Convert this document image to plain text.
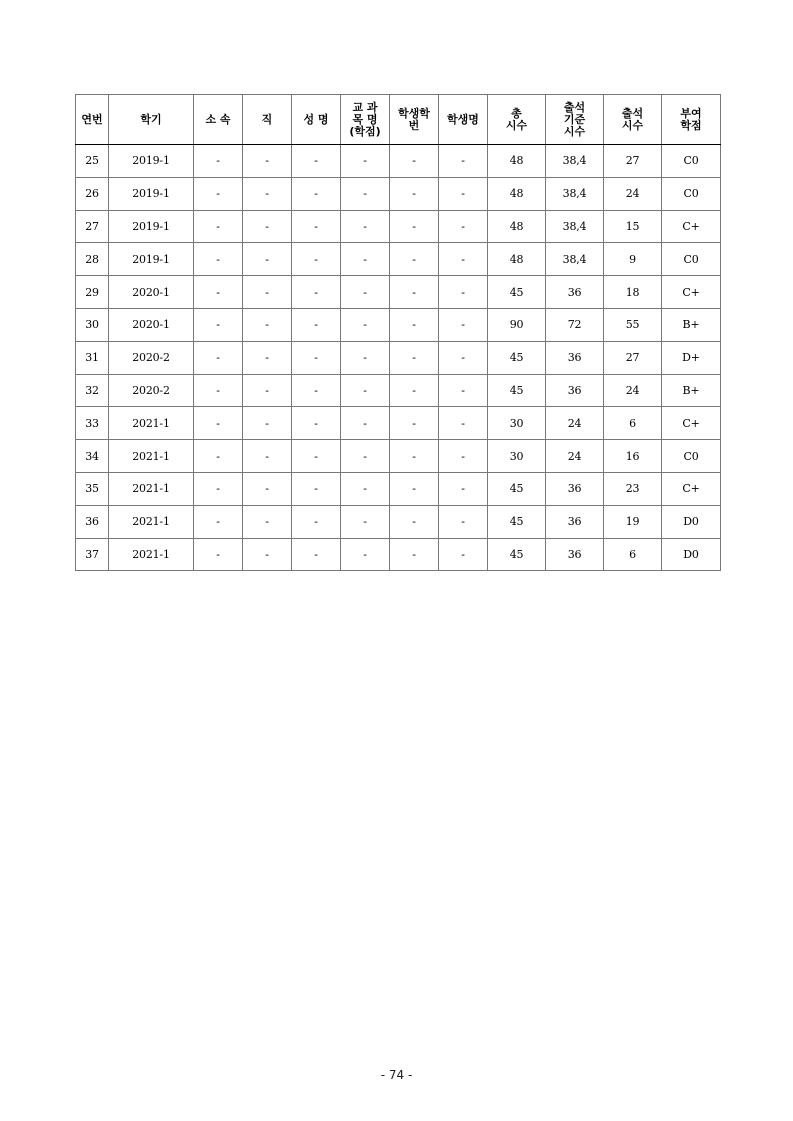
연번	학기	소 속	직	성 명	교 과
목 명
(학점)	학생학
번	학생명	총
시수	출석
기준
시수	출석
시수	부여
학점
25	2019-1	-	-	-	-	-	-	48	38,4	27	C0
26	2019-1	-	-	-	-	-	-	48	38,4	24	C0
27	2019-1	-	-	-	-	-	-	48	38,4	15	C+
28	2019-1	-	-	-	-	-	-	48	38,4	9	C0
29	2020-1	-	-	-	-	-	-	45	36	18	C+
30	2020-1	-	-	-	-	-	-	90	72	55	B+
31	2020-2	-	-	-	-	-	-	45	36	27	D+
32	2020-2	-	-	-	-	-	-	45	36	24	B+
33	2021-1	-	-	-	-	-	-	30	24	6	C+
34	2021-1	-	-	-	-	-	-	30	24	16	C0
35	2021-1	-	-	-	-	-	-	45	36	23	C+
36	2021-1	-	-	-	-	-	-	45	36	19	D0
37	2021-1	-	-	-	-	-	-	45	36	6	D0
- 74 -
